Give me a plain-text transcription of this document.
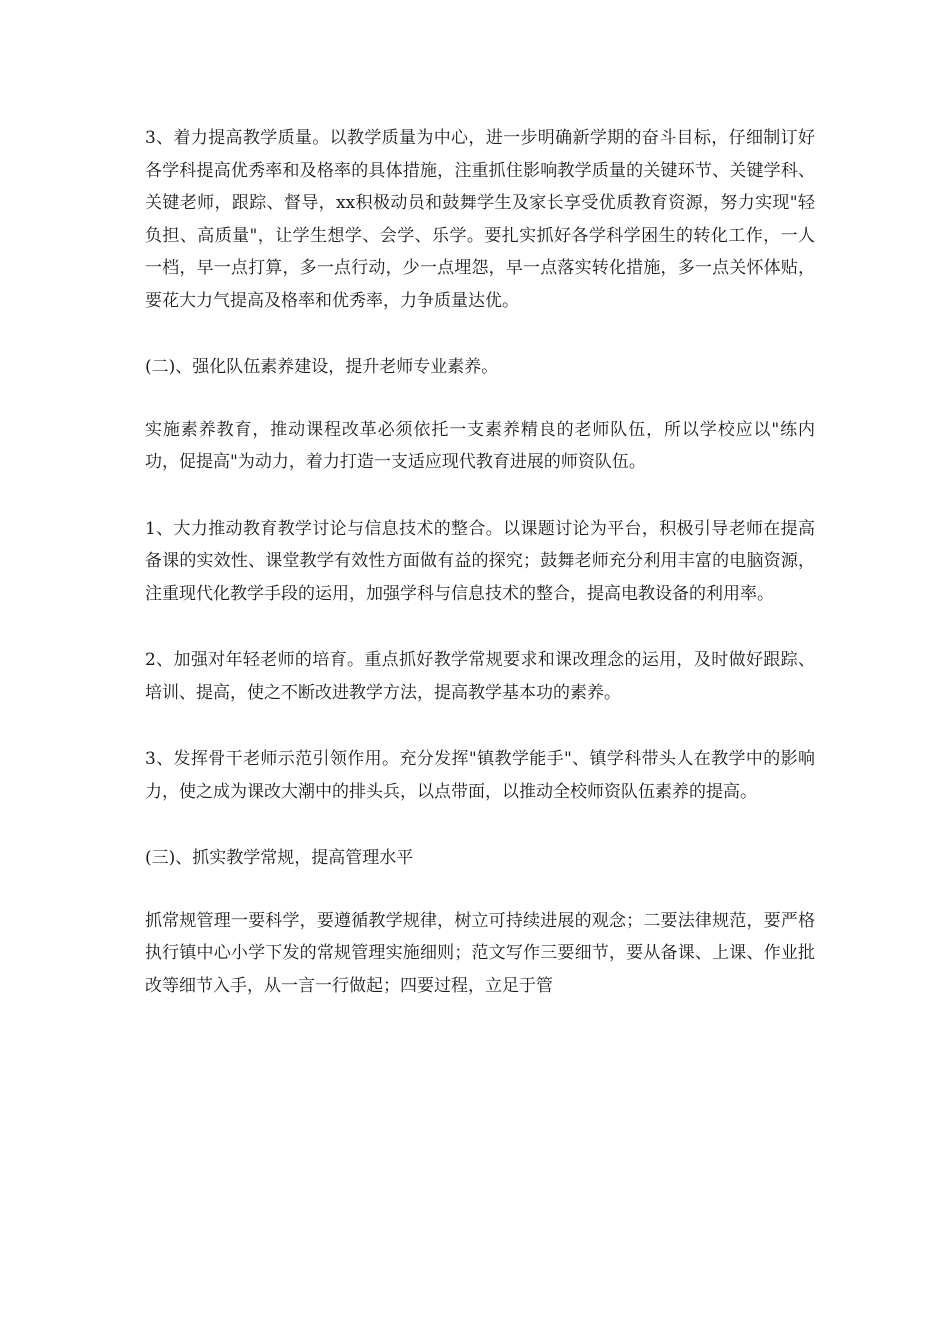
3、着力提高教学质量。以教学质量为中心，进一步明确新学期的奋斗目标，仔细制订好各学科提高优秀率和及格率的具体措施，注重抓住影响教学质量的关键环节、关键学科、关键老师，跟踪、督导，xx积极动员和鼓舞学生及家长享受优质教育资源，努力实现"轻负担、高质量"，让学生想学、会学、乐学。要扎实抓好各学科学困生的转化工作，一人一档，早一点打算，多一点行动，少一点埋怨，早一点落实转化措施，多一点关怀体贴，要花大力气提高及格率和优秀率，力争质量达优。

(二)、强化队伍素养建设，提升老师专业素养。

实施素养教育，推动课程改革必须依托一支素养精良的老师队伍，所以学校应以"练内功，促提高"为动力，着力打造一支适应现代教育进展的师资队伍。

1、大力推动教育教学讨论与信息技术的整合。以课题讨论为平台，积极引导老师在提高备课的实效性、课堂教学有效性方面做有益的探究；鼓舞老师充分利用丰富的电脑资源，注重现代化教学手段的运用，加强学科与信息技术的整合，提高电教设备的利用率。

2、加强对年轻老师的培育。重点抓好教学常规要求和课改理念的运用，及时做好跟踪、培训、提高，使之不断改进教学方法，提高教学基本功的素养。

3、发挥骨干老师示范引领作用。充分发挥"镇教学能手"、镇学科带头人在教学中的影响力，使之成为课改大潮中的排头兵，以点带面，以推动全校师资队伍素养的提高。

(三)、抓实教学常规，提高管理水平

抓常规管理一要科学，要遵循教学规律，树立可持续进展的观念；二要法律规范，要严格执行镇中心小学下发的常规管理实施细则；范文写作三要细节，要从备课、上课、作业批改等细节入手，从一言一行做起；四要过程，立足于管
